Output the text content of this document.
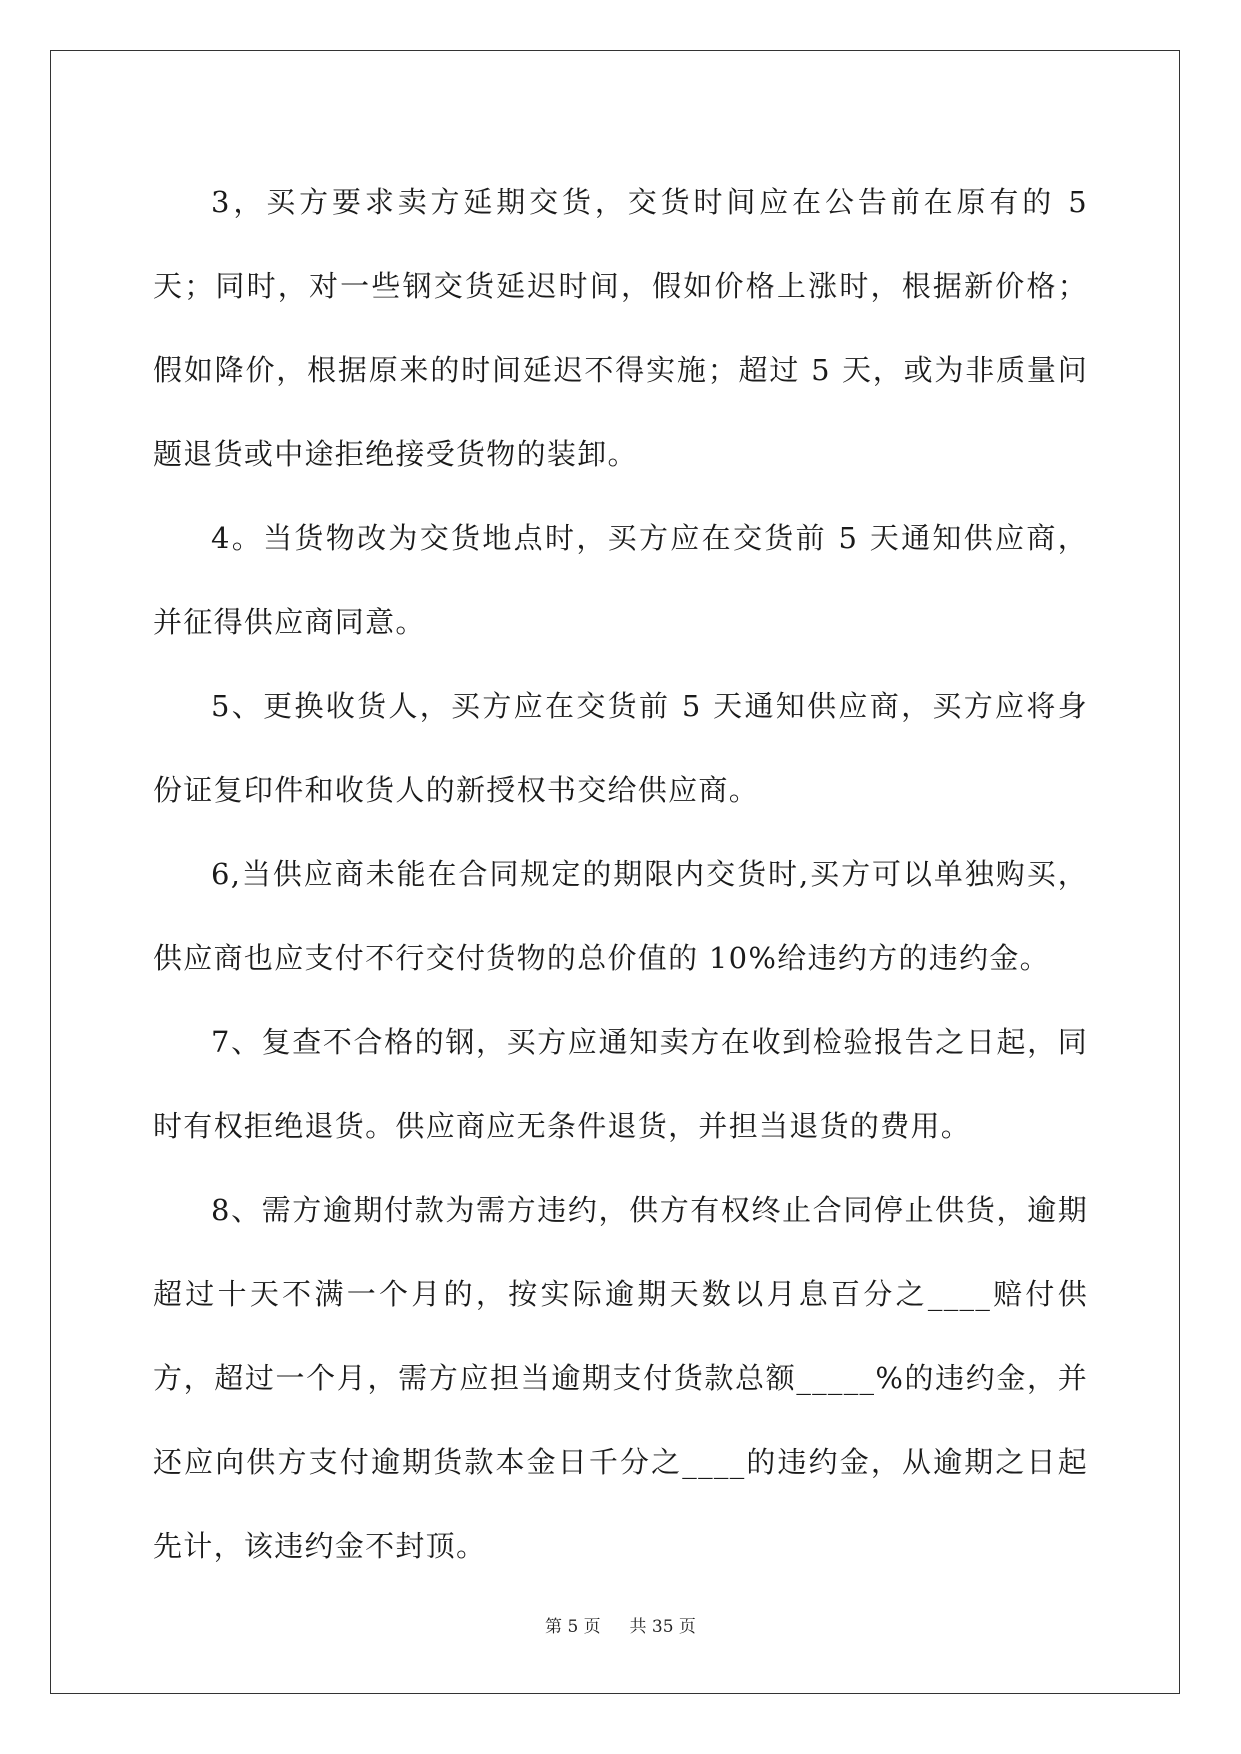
3，买方要求卖方延期交货，交货时间应在公告前在原有的 5 天；同时，对一些钢交货延迟时间，假如价格上涨时，根据新价格；假如降价，根据原来的时间延迟不得实施；超过 5 天，或为非质量问题退货或中途拒绝接受货物的装卸。

4。当货物改为交货地点时，买方应在交货前 5 天通知供应商，并征得供应商同意。

5、更换收货人，买方应在交货前 5 天通知供应商，买方应将身份证复印件和收货人的新授权书交给供应商。

6,当供应商未能在合同规定的期限内交货时,买方可以单独购买，供应商也应支付不行交付货物的总价值的 10%给违约方的违约金。

7、复查不合格的钢，买方应通知卖方在收到检验报告之日起，同时有权拒绝退货。供应商应无条件退货，并担当退货的费用。

8、需方逾期付款为需方违约，供方有权终止合同停止供货，逾期超过十天不满一个月的，按实际逾期天数以月息百分之____赔付供方，超过一个月，需方应担当逾期支付货款总额_____%的违约金，并还应向供方支付逾期货款本金日千分之____的违约金，从逾期之日起先计，该违约金不封顶。

第 5 页 共 35 页
